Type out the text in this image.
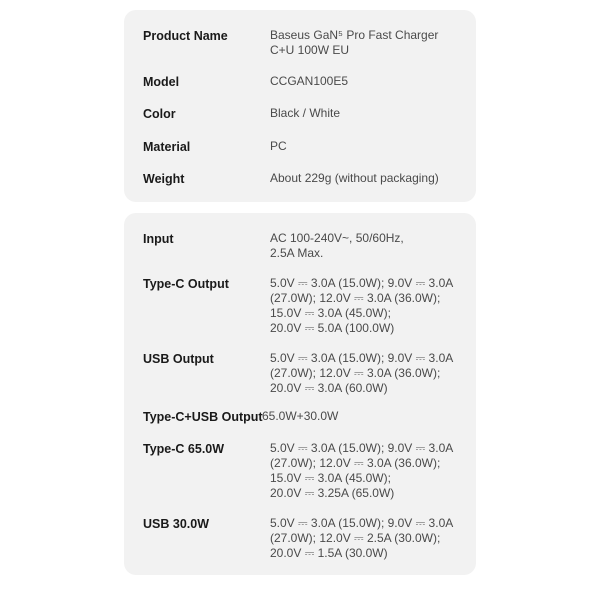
Product Name	Baseus GaN⁵ Pro Fast Charger
C+U 100W EU
Model	CCGAN100E5
Color	Black / White
Material	PC
Weight	About 229g (without packaging)
Input	AC 100-240V~, 50/60Hz,
2.5A Max.
Type-C Output	5.0V ⎓ 3.0A (15.0W); 9.0V ⎓ 3.0A
(27.0W); 12.0V ⎓ 3.0A (36.0W);
15.0V ⎓ 3.0A (45.0W);
20.0V ⎓ 5.0A (100.0W)
USB Output	5.0V ⎓ 3.0A (15.0W); 9.0V ⎓ 3.0A
(27.0W); 12.0V ⎓ 3.0A (36.0W);
20.0V ⎓ 3.0A (60.0W)
Type-C+USB Output 65.0W+30.0W
Type-C 65.0W	5.0V ⎓ 3.0A (15.0W); 9.0V ⎓ 3.0A
(27.0W); 12.0V ⎓ 3.0A (36.0W);
15.0V ⎓ 3.0A (45.0W);
20.0V ⎓ 3.25A (65.0W)
USB 30.0W	5.0V ⎓ 3.0A (15.0W); 9.0V ⎓ 3.0A
(27.0W); 12.0V ⎓ 2.5A (30.0W);
20.0V ⎓ 1.5A (30.0W)
